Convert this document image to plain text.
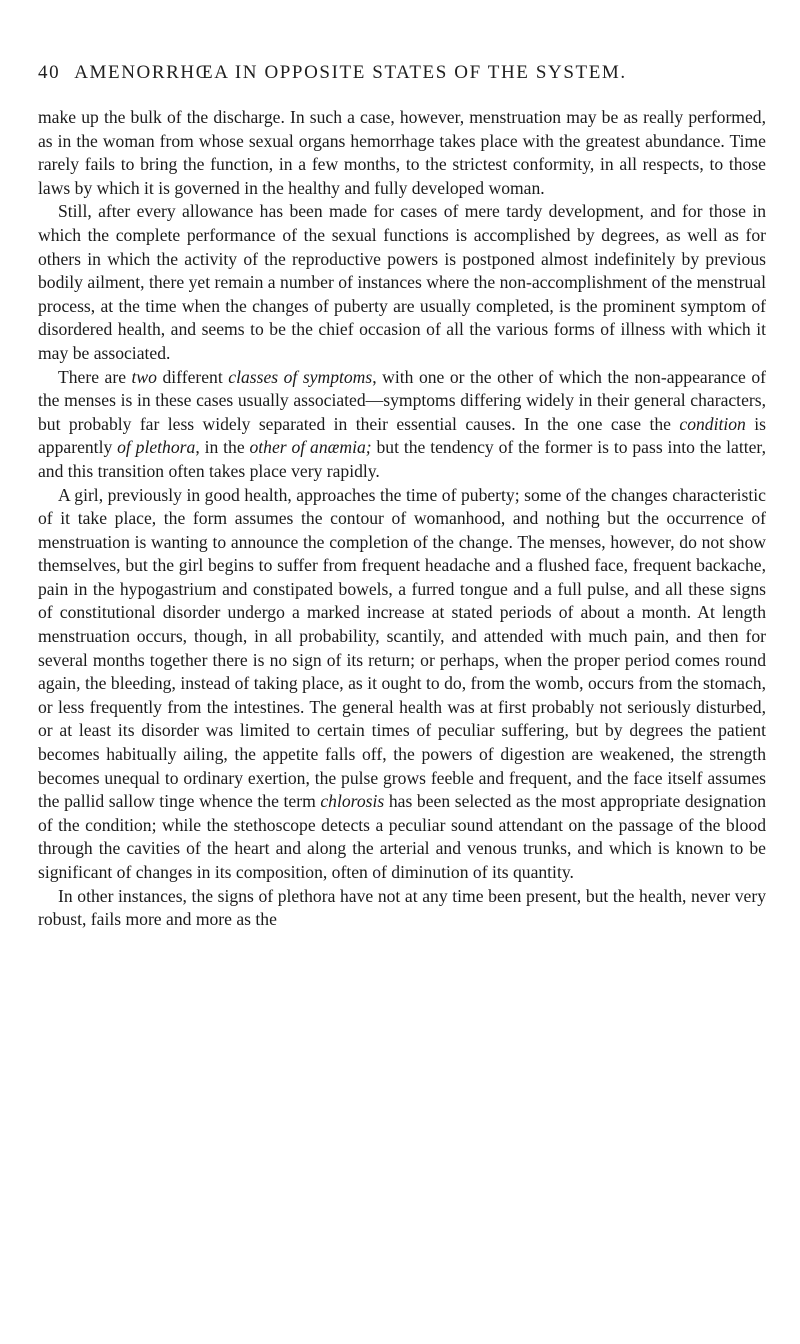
40 AMENORRHŒA IN OPPOSITE STATES OF THE SYSTEM.

make up the bulk of the discharge. In such a case, however, menstruation may be as really performed, as in the woman from whose sexual organs hemorrhage takes place with the greatest abundance. Time rarely fails to bring the function, in a few months, to the strictest conformity, in all respects, to those laws by which it is governed in the healthy and fully developed woman.

Still, after every allowance has been made for cases of mere tardy development, and for those in which the complete performance of the sexual functions is accomplished by degrees, as well as for others in which the activity of the reproductive powers is postponed almost indefinitely by previous bodily ailment, there yet remain a number of instances where the non-accomplishment of the menstrual process, at the time when the changes of puberty are usually completed, is the prominent symptom of disordered health, and seems to be the chief occasion of all the various forms of illness with which it may be associated.

There are two different classes of symptoms, with one or the other of which the non-appearance of the menses is in these cases usually associated—symptoms differing widely in their general characters, but probably far less widely separated in their essential causes. In the one case the condition is apparently of plethora, in the other of anæmia; but the tendency of the former is to pass into the latter, and this transition often takes place very rapidly.

A girl, previously in good health, approaches the time of puberty; some of the changes characteristic of it take place, the form assumes the contour of womanhood, and nothing but the occurrence of menstruation is wanting to announce the completion of the change. The menses, however, do not show themselves, but the girl begins to suffer from frequent headache and a flushed face, frequent backache, pain in the hypogastrium and constipated bowels, a furred tongue and a full pulse, and all these signs of constitutional disorder undergo a marked increase at stated periods of about a month. At length menstruation occurs, though, in all probability, scantily, and attended with much pain, and then for several months together there is no sign of its return; or perhaps, when the proper period comes round again, the bleeding, instead of taking place, as it ought to do, from the womb, occurs from the stomach, or less frequently from the intestines. The general health was at first probably not seriously disturbed, or at least its disorder was limited to certain times of peculiar suffering, but by degrees the patient becomes habitually ailing, the appetite falls off, the powers of digestion are weakened, the strength becomes unequal to ordinary exertion, the pulse grows feeble and frequent, and the face itself assumes the pallid sallow tinge whence the term chlorosis has been selected as the most appropriate designation of the condition; while the stethoscope detects a peculiar sound attendant on the passage of the blood through the cavities of the heart and along the arterial and venous trunks, and which is known to be significant of changes in its composition, often of diminution of its quantity.

In other instances, the signs of plethora have not at any time been present, but the health, never very robust, fails more and more as the
